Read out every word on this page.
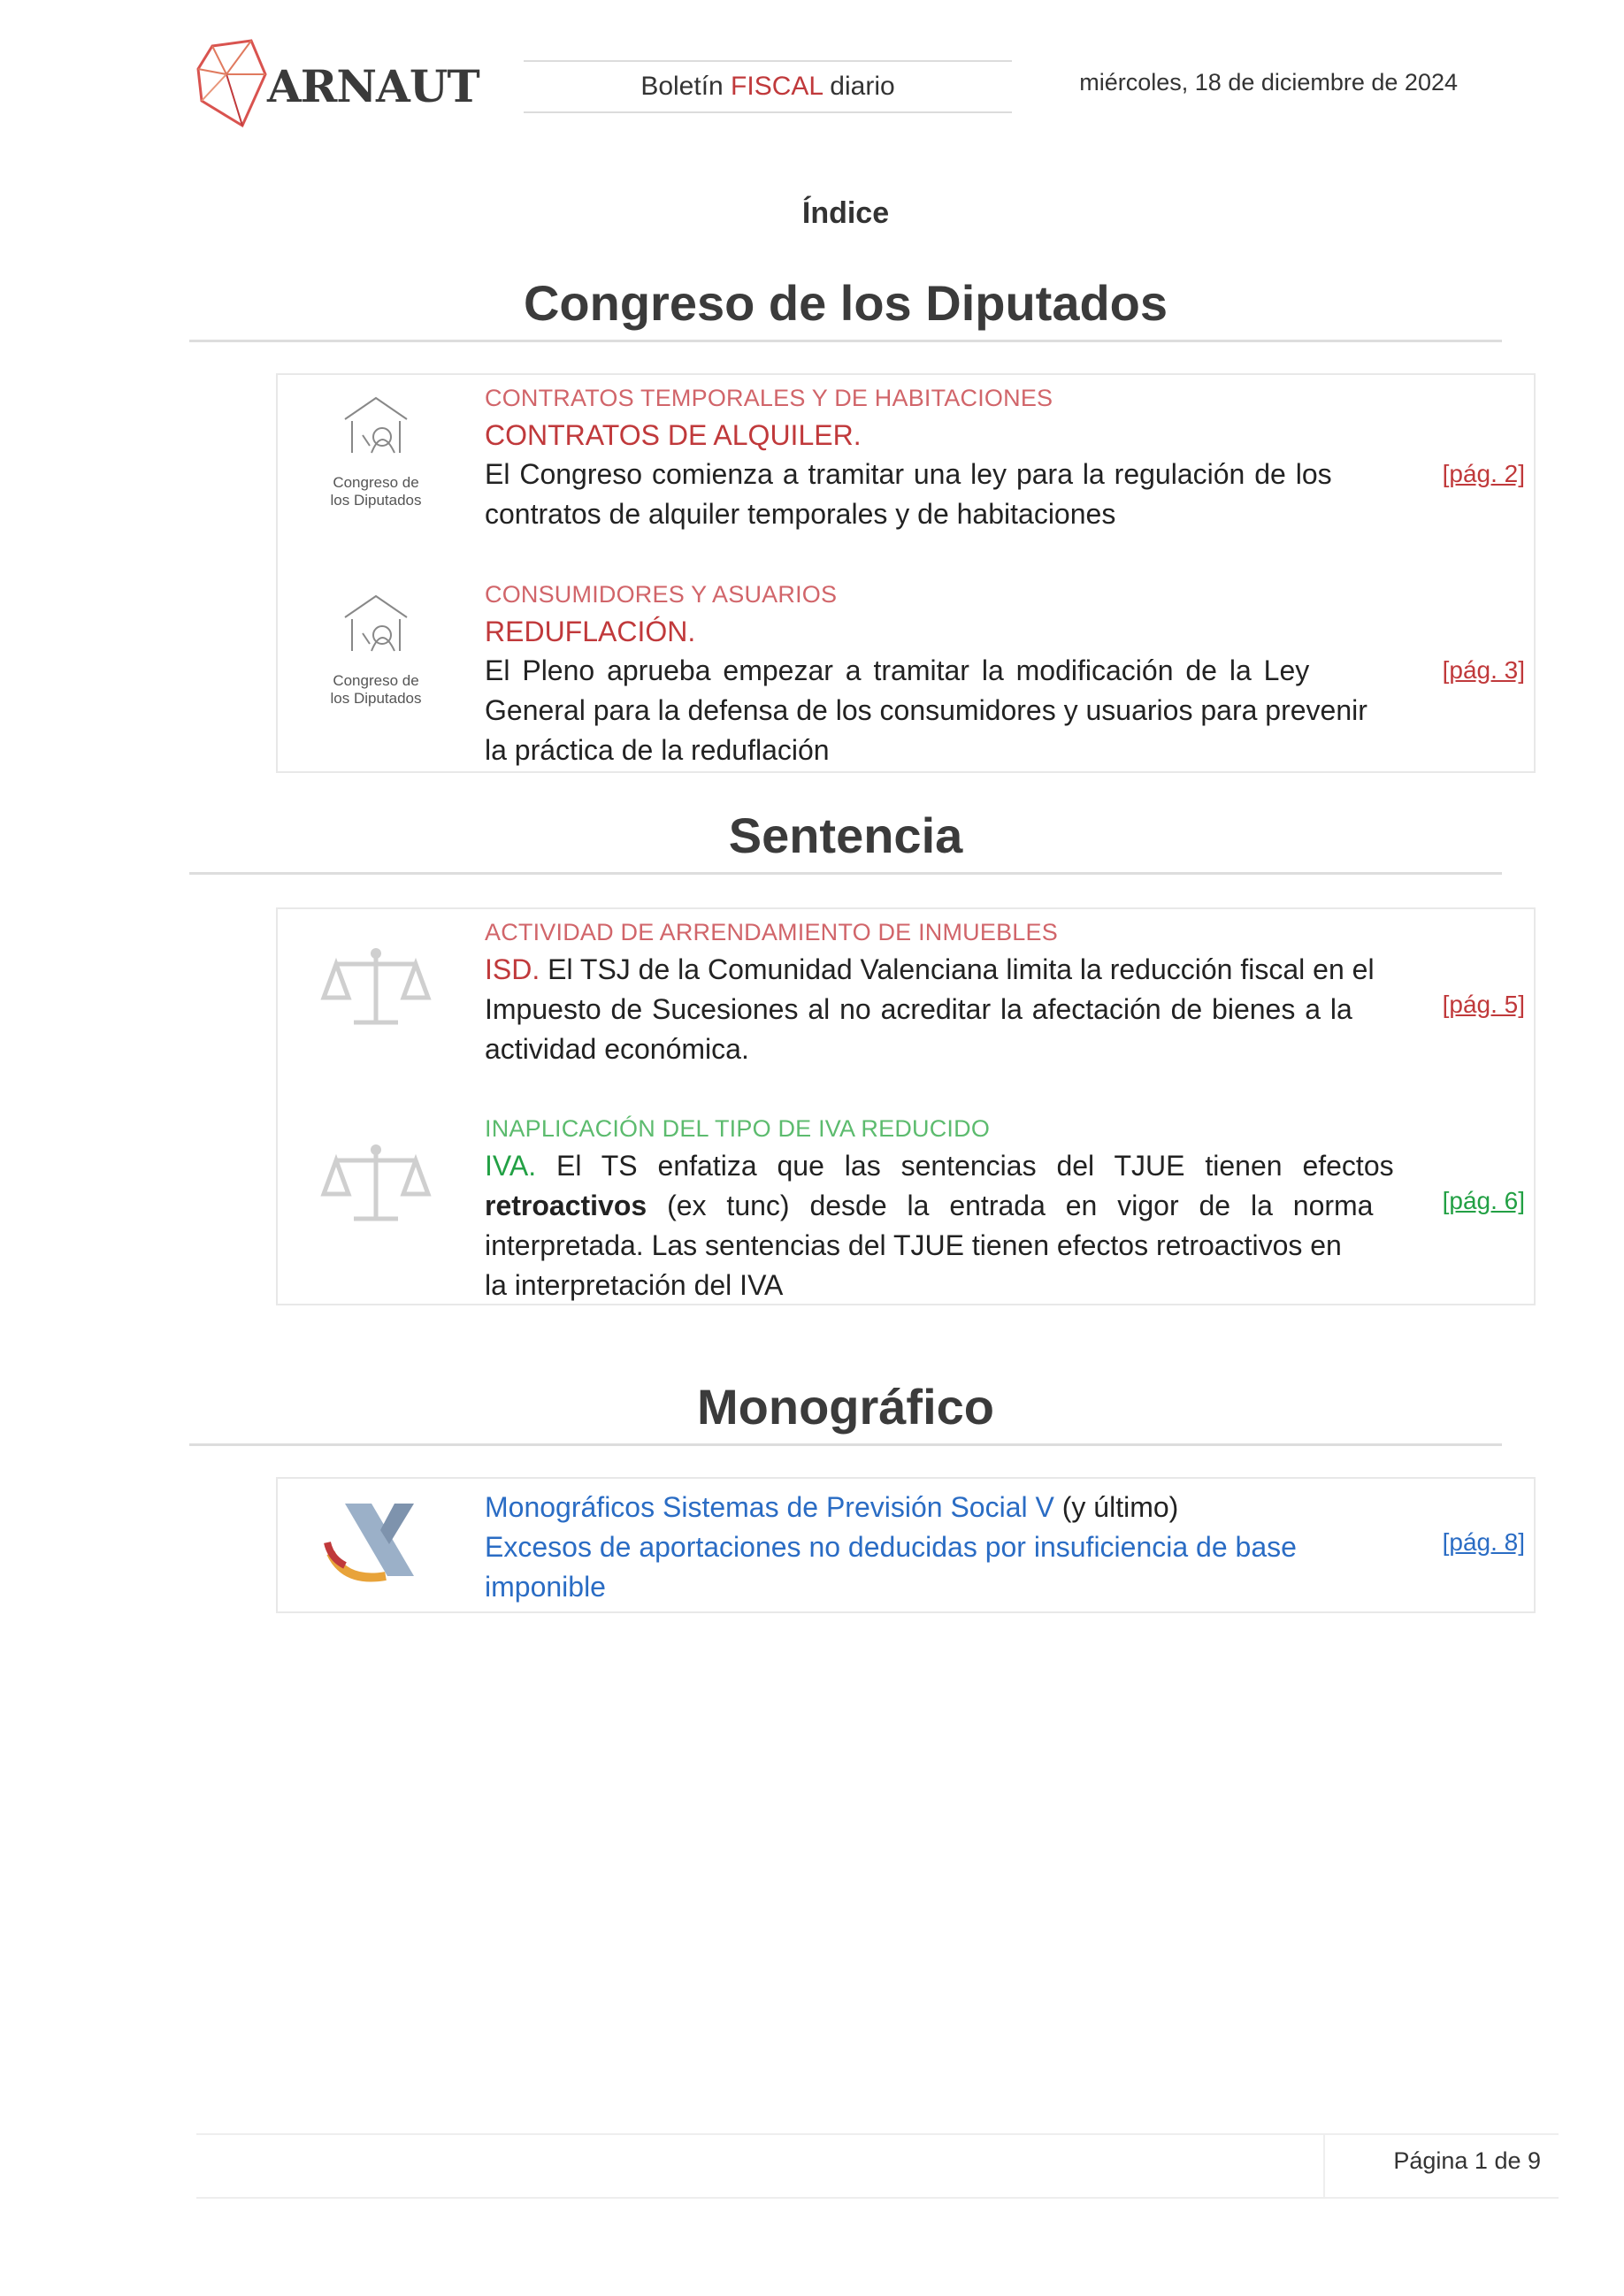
ARNAUT	Boletín FISCAL diario	miércoles, 18 de diciembre de 2024
Índice
Congreso de los Diputados
Congreso de
los Diputados
CONTRATOS TEMPORALES Y DE HABITACIONES
CONTRATOS DE ALQUILER.
El Congreso comienza a tramitar una ley para la regulación de los
contratos de alquiler temporales y de habitaciones
[pág. 2]
Congreso de
los Diputados
CONSUMIDORES Y ASUARIOS
REDUFLACIÓN.
El Pleno aprueba empezar a tramitar la modificación de la Ley
General para la defensa de los consumidores y usuarios para prevenir
la práctica de la reduflación
[pág. 3]
Sentencia
ACTIVIDAD DE ARRENDAMIENTO DE INMUEBLES
ISD. El TSJ de la Comunidad Valenciana limita la reducción fiscal en el
Impuesto de Sucesiones al no acreditar la afectación de bienes a la
actividad económica.
[pág. 5]
INAPLICACIÓN DEL TIPO DE IVA REDUCIDO
IVA. El TS enfatiza que las sentencias del TJUE tienen efectos
retroactivos (ex tunc) desde la entrada en vigor de la norma
interpretada. Las sentencias del TJUE tienen efectos retroactivos en
la interpretación del IVA
[pág. 6]
Monográfico
Monográficos Sistemas de Previsión Social V (y último)
Excesos de aportaciones no deducidas por insuficiencia de base
imponible
[pág. 8]
Página 1 de 9
